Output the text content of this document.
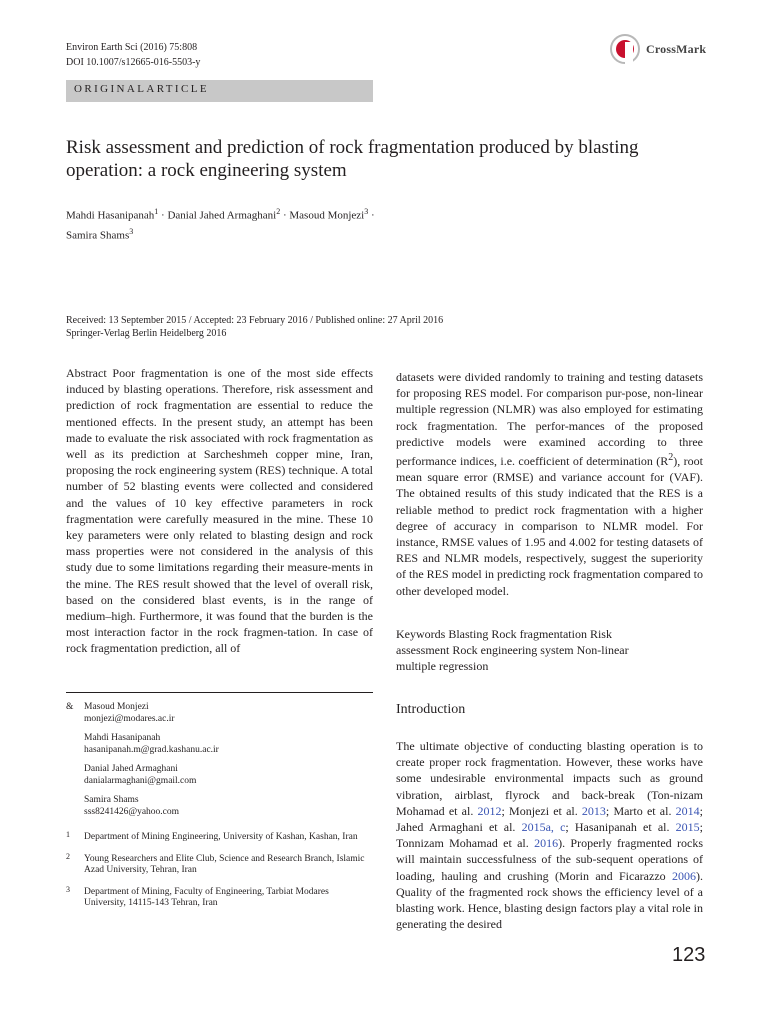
Environ Earth Sci (2016) 75:808
DOI 10.1007/s12665-016-5503-y
CrossMark
ORIGINALARTICLE
Risk assessment and prediction of rock fragmentation produced by blasting operation: a rock engineering system
Mahdi Hasanipanah$^1$ · Danial Jahed Armaghani$^2$ · Masoud Monjezi$^3$ ·
Samira Shams$^3$
Received: 13 September 2015 / Accepted: 23 February 2016 / Published online: 27 April 2016
Springer-Verlag Berlin Heidelberg 2016
Abstract Poor fragmentation is one of the most side effects induced by blasting operations. Therefore, risk assessment and prediction of rock fragmentation are essential to reduce the mentioned effects. In the present study, an attempt has been made to evaluate the risk associated with rock fragmentation as well as its prediction at Sarcheshmeh copper mine, Iran, proposing the rock engineering system (RES) technique. A total number of 52 blasting events were collected and considered and the values of 10 key effective parameters in rock fragmentation were carefully measured in the mine. These 10 key parameters were only related to blasting design and rock mass properties were not considered in the analysis of this study due to some limitations regarding their measure-ments in the mine. The RES result showed that the level of overall risk, based on the considered blast events, is in the range of medium–high. Furthermore, it was found that the burden is the most interaction factor in the rock fragmen-tation. In case of rock fragmentation prediction, all of
datasets were divided randomly to training and testing datasets for proposing RES model. For comparison pur-pose, non-linear multiple regression (NLMR) was also employed for estimating rock fragmentation. The perfor-mances of the proposed predictive models were examined according to three performance indices, i.e. coefficient of determination $(R^2)$, root mean square error (RMSE) and variance account for (VAF). The obtained results of this study indicated that the RES is a reliable method to predict rock fragmentation with a higher degree of accuracy in comparison to NLMR model. For instance, RMSE values of 1.95 and 4.002 for testing datasets of RES and NLMR models, respectively, suggest the superiority of the RES model in predicting rock fragmentation compared to other developed model.
Keywords Blasting Rock fragmentation Risk assessment Rock engineering system Non-linear multiple regression
& Masoud Monjezi
monjezi@modares.ac.ir
Mahdi Hasanipanah
hasanipanah.m@grad.kashanu.ac.ir
Danial Jahed Armaghani
danialarmaghani@gmail.com
Samira Shams
sss8241426@yahoo.com
1 Department of Mining Engineering, University of Kashan, Kashan, Iran
2 Young Researchers and Elite Club, Science and Research Branch, Islamic Azad University, Tehran, Iran
3 Department of Mining, Faculty of Engineering, Tarbiat Modares University, 14115-143 Tehran, Iran
Introduction
The ultimate objective of conducting blasting operation is to create proper rock fragmentation. However, these works have some undesirable environmental impacts such as ground vibration, airblast, flyrock and back-break (Ton-nizam Mohamad et al. 2012; Monjezi et al. 2013; Marto et al. 2014; Jahed Armaghani et al. 2015a, c; Hasanipanah et al. 2015; Tonnizam Mohamad et al. 2016). Properly fragmented rocks will maintain successfulness of the sub-sequent operations of loading, hauling and crushing (Morin and Ficarazzo 2006). Quality of the fragmented rock shows the efficiency level of a blasting work. Hence, blasting design factors play a vital role in generating the desired
123
